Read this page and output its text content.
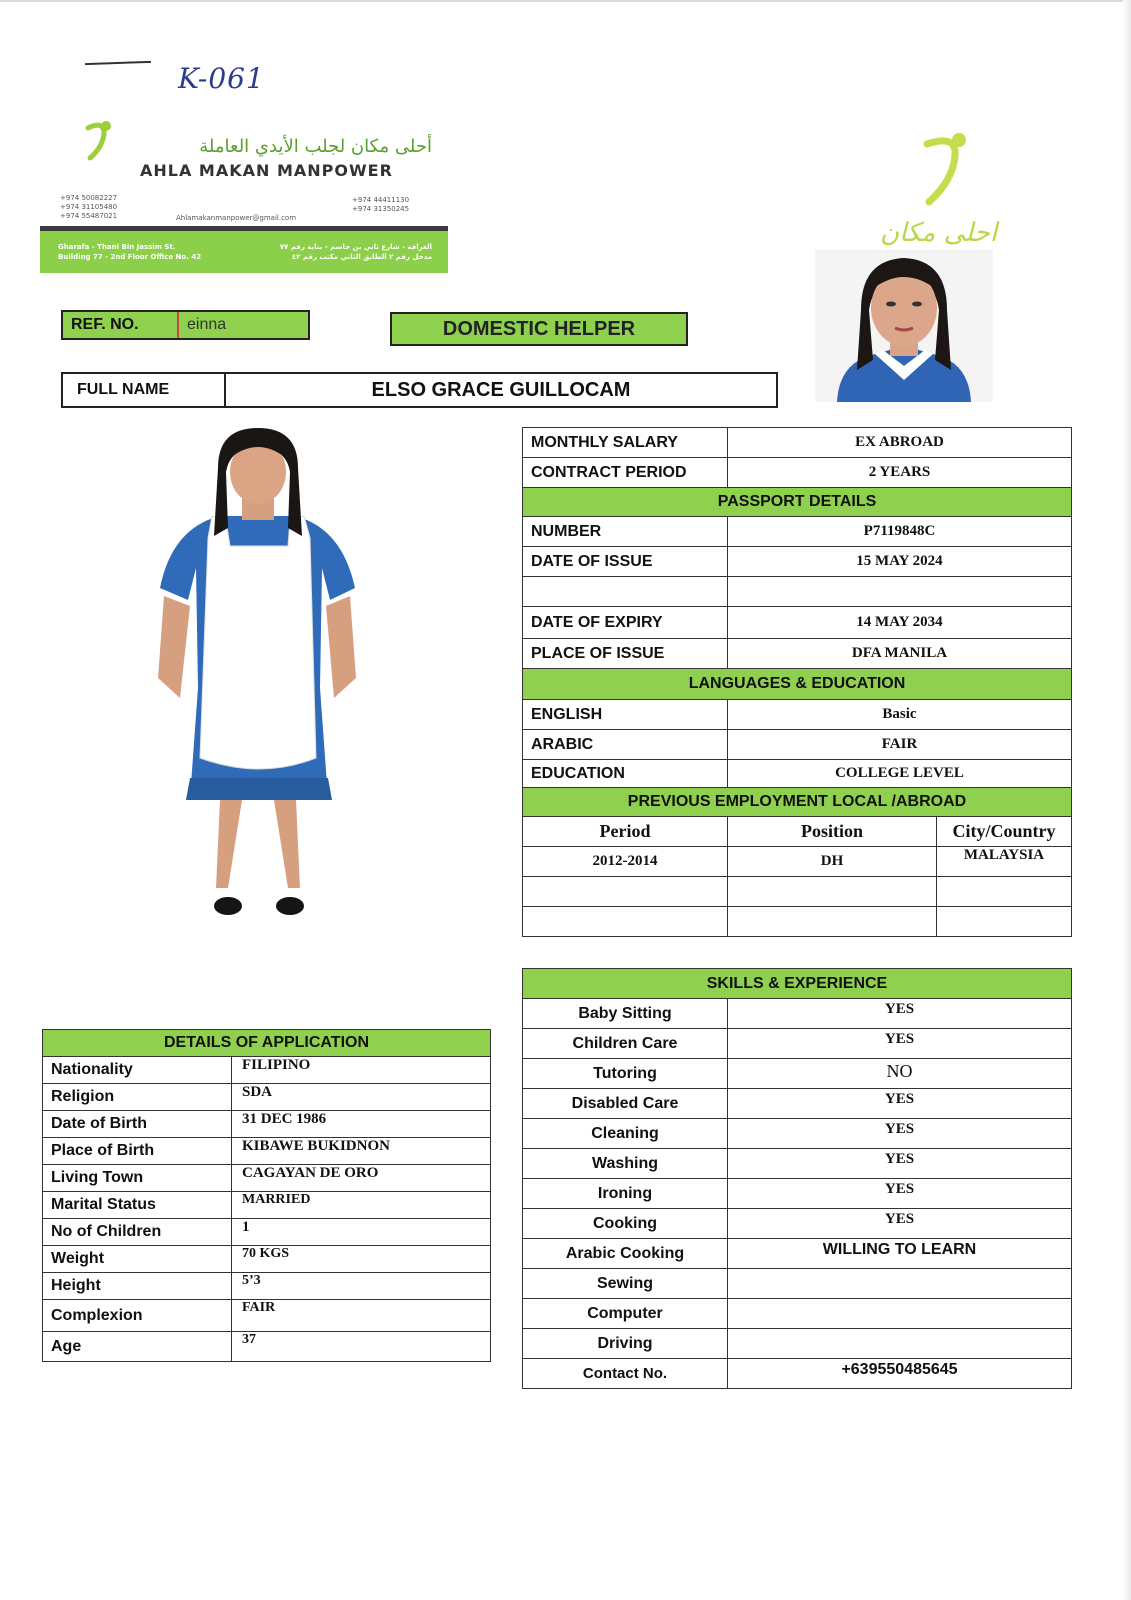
K-061
أحلى مكان لجلب الأيدي العاملة
AHLA MAKAN MANPOWER
+974 50082227
+974 31105480
+974 55487021	Ahlamakanmanpower@gmail.com
+974 44411130
+974 31350245
Gharafa - Thani Bin Jassim St.
Building 77 - 2nd Floor Office No. 42
الغرافة - شارع ثاني بن جاسم - بناية رقم ٧٧
مدخل رقم ٢ الطابق الثاني مكتب رقم ٤٢
احلى مكان
REF. NO.	einna	DOMESTIC HELPER
FULL NAME	ELSO GRACE GUILLOCAM
MONTHLY SALARY	EX ABROAD	
CONTRACT PERIOD	2 YEARS	
PASSPORT DETAILS		
NUMBER	P7119848C	
DATE OF ISSUE	15 MAY 2024	

DATE OF EXPIRY	14 MAY 2034	
PLACE OF ISSUE	DFA MANILA	
LANGUAGES & EDUCATION		
ENGLISH	Basic	
ARABIC	FAIR	
EDUCATION	COLLEGE LEVEL	
PREVIOUS EMPLOYMENT LOCAL /ABROAD		
Period	Position	City/Country
2012-2014	DH	MALAYSIA

SKILLS & EXPERIENCE		
Baby Sitting	YES	
Children Care	YES	
Tutoring	NO	
Disabled Care	YES	
Cleaning	YES	
Washing	YES	
Ironing	YES	
Cooking	YES	
Arabic Cooking	WILLING TO LEARN	
Sewing		
Computer		
Driving		
Contact No.	+639550485645	
DETAILS OF APPLICATION	
Nationality	FILIPINO
Religion	SDA
Date of Birth	31 DEC 1986
Place of Birth	KIBAWE BUKIDNON
Living Town	CAGAYAN DE ORO
Marital Status	MARRIED
No of Children	1
Weight	70 KGS
Height	5’3
Complexion	FAIR
Age	37
